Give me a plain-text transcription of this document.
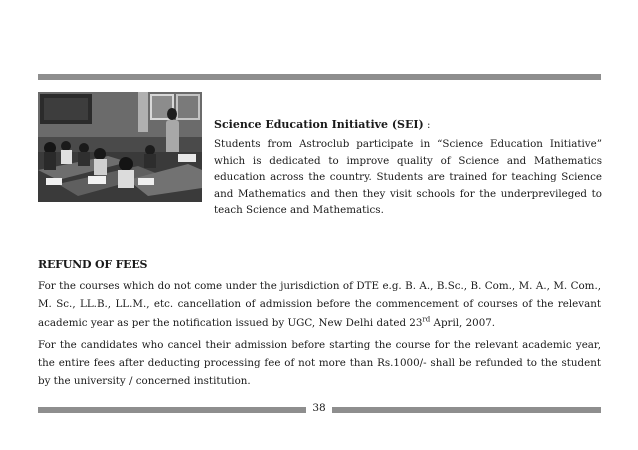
Science Education Initiative (SEI) :

Students from Astroclub participate in “Science Education Initiative” which is dedicated to improve quality of Science and Mathematics education across the country. Students are trained for teaching Science and Mathematics and then they visit schools for the underprevileged to teach Science and Mathematics.

REFUND OF FEES

For the courses which do not come under the jurisdiction of DTE e.g. B. A., B.Sc., B. Com., M. A., M. Com., M. Sc., LL.B., LL.M., etc. cancellation of admission before the commencement of courses of the relevant academic year as per the notification issued by UGC, New Delhi dated 23rd April, 2007.

For the candidates who cancel their admission before starting the course for the relevant academic year, the entire fees after deducting processing fee of not more than Rs.1000/- shall be refunded to the student by the university / concerned institution.

38
